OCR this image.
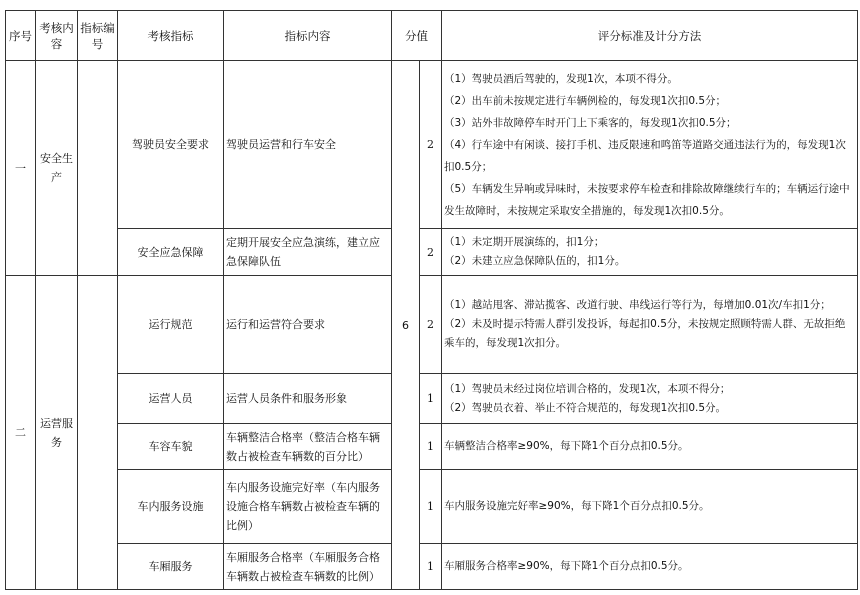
序号	考核内容	指标编号	考核指标	指标内容	分值		评分标准及计分方法
一	安全生产		驾驶员安全要求	驾驶员运营和行车安全	6	2	（1）驾驶员酒后驾驶的，发现1次，本项不得分。
（2）出车前未按规定进行车辆例检的，每发现1次扣0.5分；
（3）站外非故障停车时开门上下乘客的，每发现1次扣0.5分；
（4）行车途中有闲谈、接打手机、违反限速和鸣笛等道路交通违法行为的，每发现1次扣0.5分；
（5）车辆发生异响或异味时，未按要求停车检查和排除故障继续行车的；车辆运行途中发生故障时，未按规定采取安全措施的，每发现1次扣0.5分。

			安全应急保障	定期开展安全应急演练，建立应急保障队伍		2	（1）未定期开展演练的，扣1分；
（2）未建立应急保障队伍的，扣1分。

二	运营服务		运行规范	运行和运营符合要求		2	（1）越站甩客、滞站揽客、改道行驶、串线运行等行为，每增加0.01次/车扣1分；
（2）未及时提示特需人群引发投诉，每起扣0.5分，未按规定照顾特需人群、无故拒绝乘车的，每发现1次扣分。

			运营人员	运营人员条件和服务形象		1	（1）驾驶员未经过岗位培训合格的，发现1次，本项不得分；
（2）驾驶员衣着、举止不符合规范的，每发现1次扣0.5分。

			车容车貌	车辆整洁合格率（整洁合格车辆数占被检查车辆数的百分比）		1	车辆整洁合格率≥90%，每下降1个百分点扣0.5分。

			车内服务设施	车内服务设施完好率（车内服务设施合格车辆数占被检查车辆的比例）		1	车内服务设施完好率≥90%，每下降1个百分点扣0.5分。

			车厢服务	车厢服务合格率（车厢服务合格车辆数占被检查车辆数的比例）		1	车厢服务合格率≥90%，每下降1个百分点扣0.5分。
